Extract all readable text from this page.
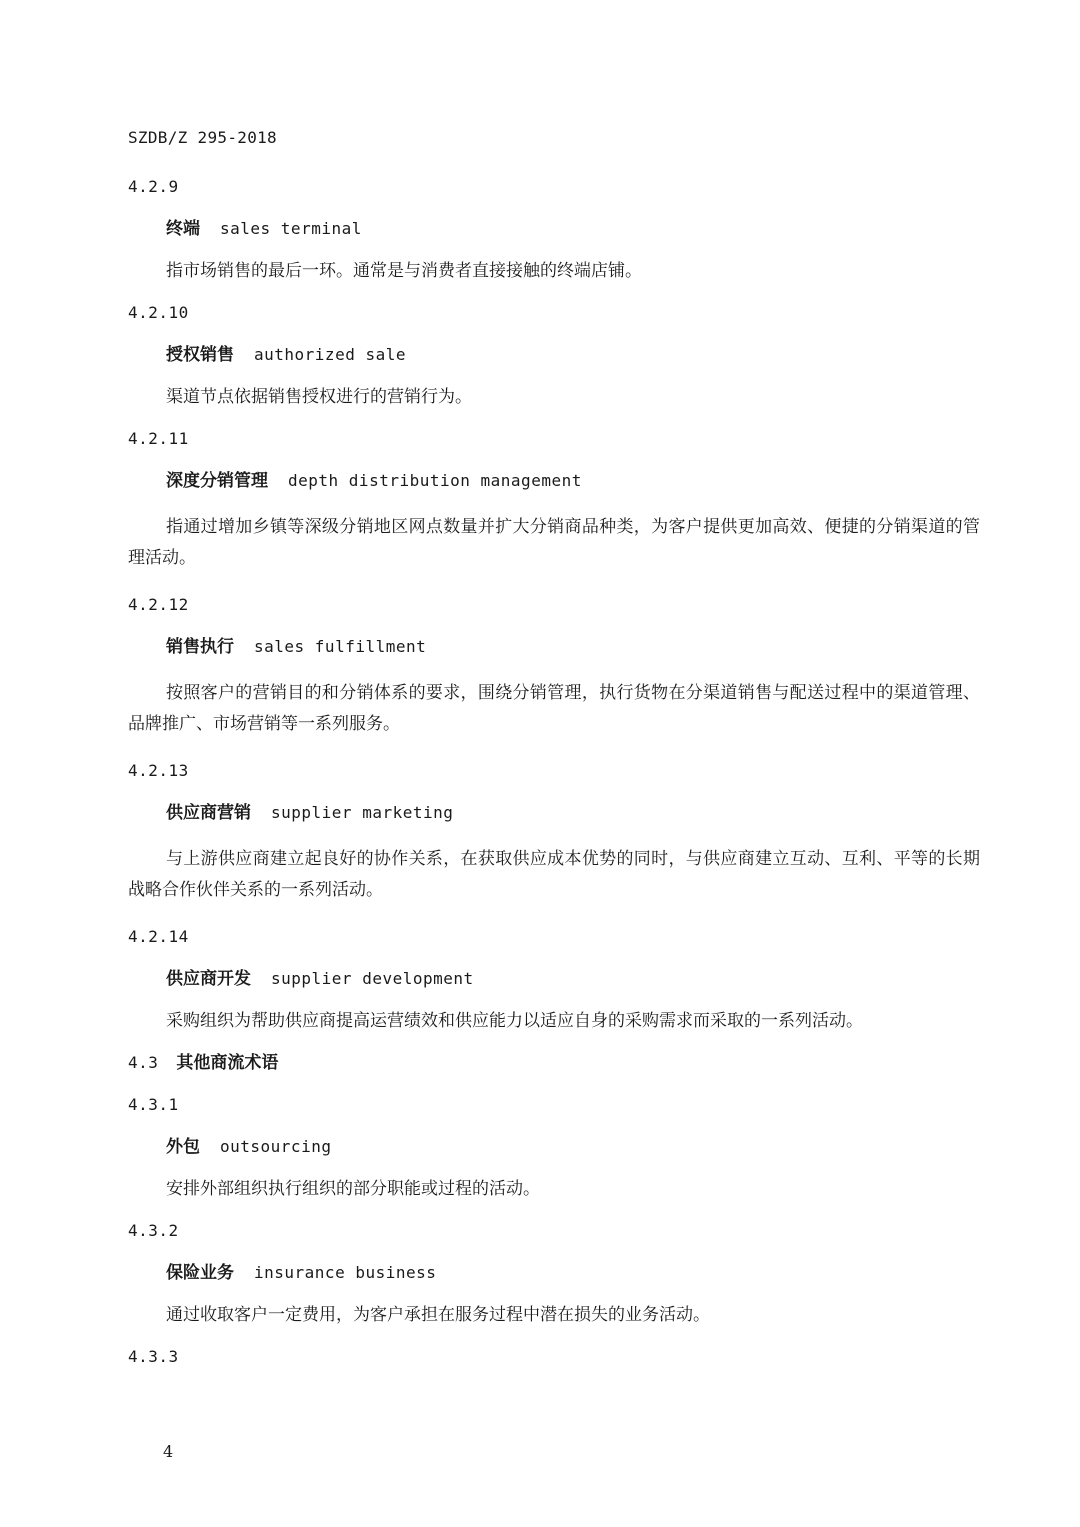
SZDB/Z 295-2018
4.2.9
终端 sales terminal
指市场销售的最后一环。通常是与消费者直接接触的终端店铺。
4.2.10
授权销售 authorized sale
渠道节点依据销售授权进行的营销行为。
4.2.11
深度分销管理 depth distribution management
指通过增加乡镇等深级分销地区网点数量并扩大分销商品种类，为客户提供更加高效、便捷的分销渠道的管理活动。
4.2.12
销售执行 sales fulfillment
按照客户的营销目的和分销体系的要求，围绕分销管理，执行货物在分渠道销售与配送过程中的渠道管理、品牌推广、市场营销等一系列服务。
4.2.13
供应商营销 supplier marketing
与上游供应商建立起良好的协作关系，在获取供应成本优势的同时，与供应商建立互动、互利、平等的长期战略合作伙伴关系的一系列活动。
4.2.14
供应商开发 supplier development
采购组织为帮助供应商提高运营绩效和供应能力以适应自身的采购需求而采取的一系列活动。
4.3 其他商流术语
4.3.1
外包 outsourcing
安排外部组织执行组织的部分职能或过程的活动。
4.3.2
保险业务 insurance business
通过收取客户一定费用，为客户承担在服务过程中潜在损失的业务活动。
4.3.3
4
